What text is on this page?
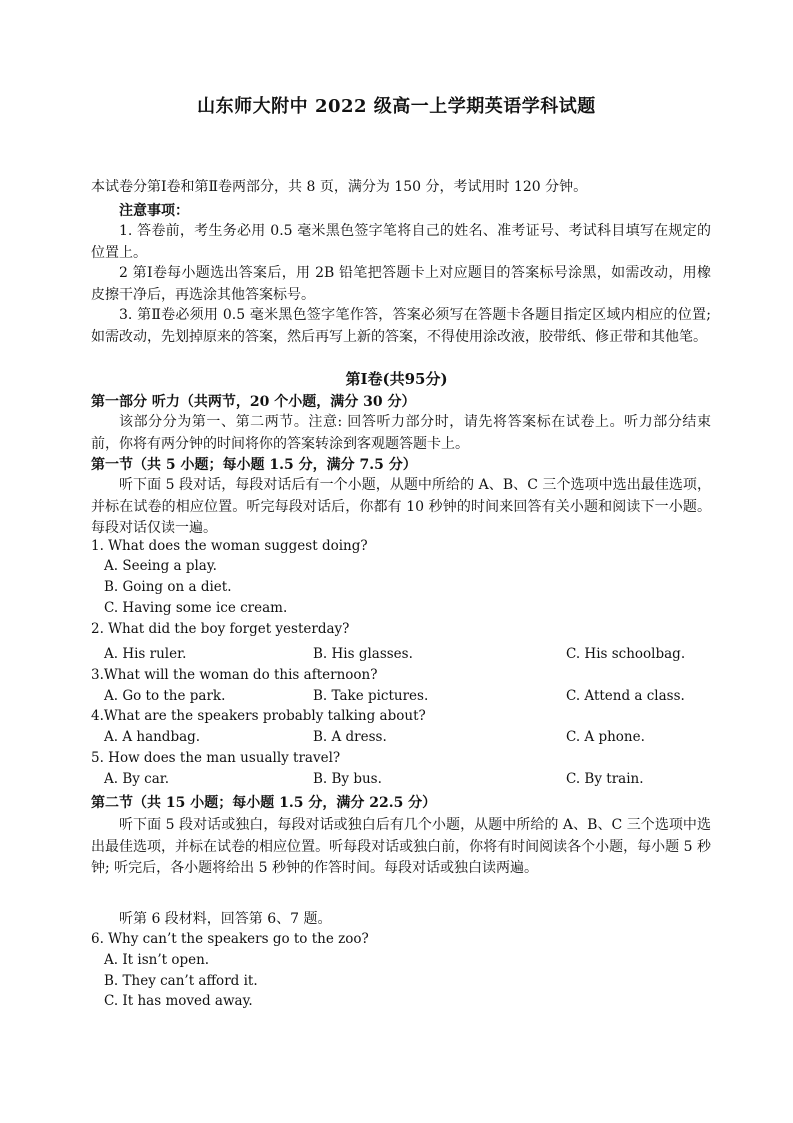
山东师大附中 2022 级高一上学期英语学科试题
本试卷分第Ⅰ卷和第Ⅱ卷两部分，共 8 页，满分为 150 分，考试用时 120 分钟。
注意事项：
1. 答卷前，考生务必用 0.5 毫米黑色签字笔将自己的姓名、准考证号、考试科目填写在规定的位置上。
2 第Ⅰ卷每小题选出答案后，用 2B 铅笔把答题卡上对应题目的答案标号涂黑，如需改动，用橡皮擦干净后，再选涂其他答案标号。
3. 第Ⅱ卷必须用 0.5 毫米黑色签字笔作答，答案必须写在答题卡各题目指定区域内相应的位置; 如需改动，先划掉原来的答案，然后再写上新的答案，不得使用涂改液，胶带纸、修正带和其他笔。
第Ⅰ卷(共95分)
第一部分 听力（共两节，20 个小题，满分 30 分）
该部分分为第一、第二两节。注意: 回答听力部分时，请先将答案标在试卷上。听力部分结束前，你将有两分钟的时间将你的答案转涂到客观题答题卡上。
第一节（共 5 小题；每小题 1.5 分，满分 7.5 分）
听下面 5 段对话，每段对话后有一个小题，从题中所给的 A、B、C 三个选项中选出最佳选项，并标在试卷的相应位置。听完每段对话后，你都有 10 秒钟的时间来回答有关小题和阅读下一小题。每段对话仅读一遍。
1. What does the woman suggest doing?
A. Seeing a play.
B. Going on a diet.
C. Having some ice cream.
2. What did the boy forget yesterday?
A. His ruler.	B. His glasses.	C. His schoolbag.
3.What will the woman do this afternoon?
A. Go to the park.	B. Take pictures.	C. Attend a class.
4.What are the speakers probably talking about?
A. A handbag.	B. A dress.	C. A phone.
5. How does the man usually travel?
A. By car.	B. By bus.	C. By train.
第二节（共 15 小题；每小题 1.5 分，满分 22.5 分）
听下面 5 段对话或独白，每段对话或独白后有几个小题，从题中所给的 A、B、C 三个选项中选出最佳选项，并标在试卷的相应位置。听每段对话或独白前，你将有时间阅读各个小题，每小题 5 秒钟; 听完后，各小题将给出 5 秒钟的作答时间。每段对话或独白读两遍。
听第 6 段材料，回答第 6、7 题。
6. Why can’t the speakers go to the zoo?
A. It isn’t open.
B. They can’t afford it.
C. It has moved away.
